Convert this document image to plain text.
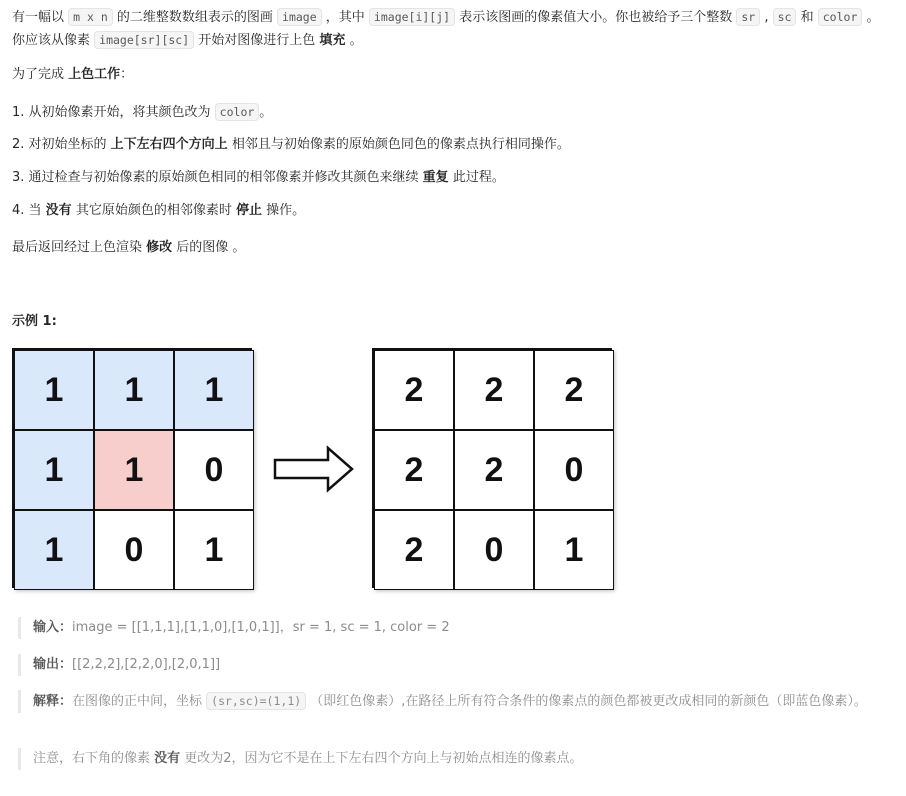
有一幅以 m x n 的二维整数数组表示的图画 image ，其中 image[i][j] 表示该图画的像素值大小。你也被给予三个整数 sr , sc 和 color 。你应该从像素 image[sr][sc] 开始对图像进行上色 填充 。

为了完成 上色工作：

1. 从初始像素开始，将其颜色改为 color 。

2. 对初始坐标的 上下左右四个方向上 相邻且与初始像素的原始颜色同色的像素点执行相同操作。

3. 通过检查与初始像素的原始颜色相同的相邻像素并修改其颜色来继续 重复 此过程。

4. 当 没有 其它原始颜色的相邻像素时 停止 操作。

最后返回经过上色渲染 修改 后的图像 。

示例 1:

1	1	1
1	1	0
1	0	1
2	2	2
2	2	0
2	0	1
输入：image = [[1,1,1],[1,1,0],[1,0,1]]，sr = 1, sc = 1, color = 2
输出：[[2,2,2],[2,2,0],[2,0,1]]
解释：在图像的正中间，坐标 (sr,sc)=(1,1) （即红色像素）,在路径上所有符合条件的像素点的颜色都被更改成相同的新颜色（即蓝色像素）。
注意，右下角的像素 没有 更改为2，因为它不是在上下左右四个方向上与初始点相连的像素点。
